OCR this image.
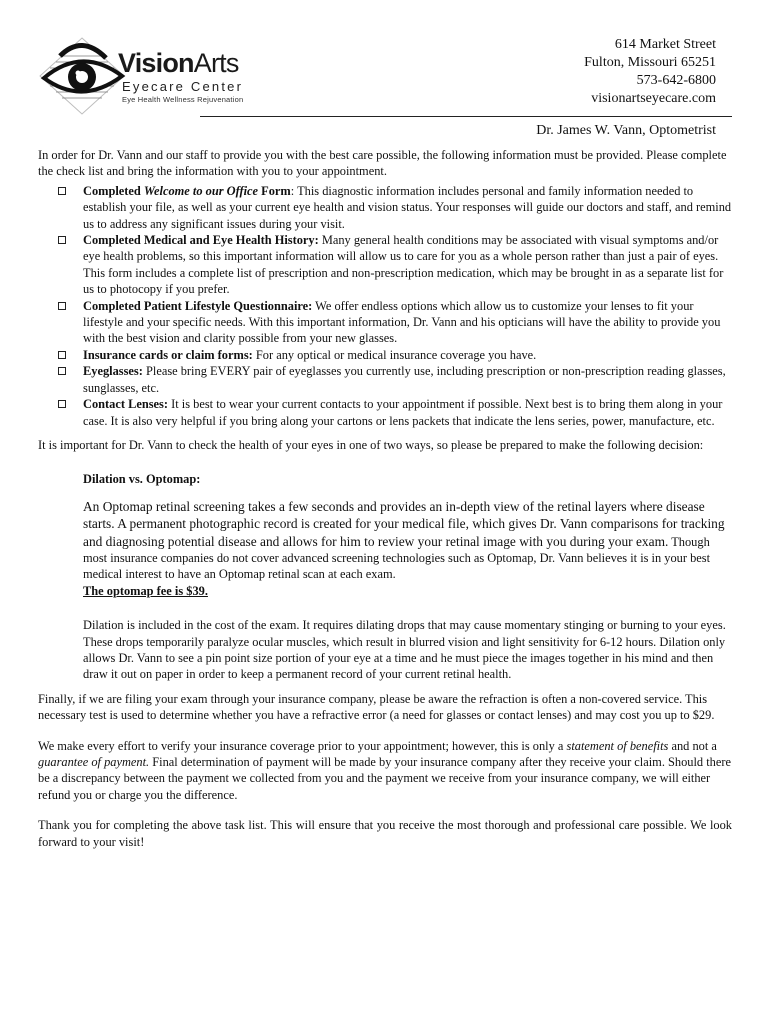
VisionArts
Eyecare Center
Eye Health Wellness Rejuvenation
614 Market Street
Fulton, Missouri 65251
573-642-6800
visionartseyecare.com
Dr. James W. Vann, Optometrist

In order for Dr. Vann and our staff to provide you with the best care possible, the following information must be provided. Please complete the check list and bring the information with you to your appointment.

Completed Welcome to our Office Form: This diagnostic information includes personal and family information needed to establish your file, as well as your current eye health and vision status. Your responses will guide our doctors and staff, and remind us to address any significant issues during your visit.
Completed Medical and Eye Health History: Many general health conditions may be associated with visual symptoms and/or eye health problems, so this important information will allow us to care for you as a whole person rather than just a pair of eyes. This form includes a complete list of prescription and non-prescription medication, which may be brought in as a separate list for us to photocopy if you prefer.
Completed Patient Lifestyle Questionnaire: We offer endless options which allow us to customize your lenses to fit your lifestyle and your specific needs. With this important information, Dr. Vann and his opticians will have the ability to provide you with the best vision and clarity possible from your new glasses.
Insurance cards or claim forms: For any optical or medical insurance coverage you have.
Eyeglasses: Please bring EVERY pair of eyeglasses you currently use, including prescription or non-prescription reading glasses, sunglasses, etc.
Contact Lenses: It is best to wear your current contacts to your appointment if possible. Next best is to bring them along in your case. It is also very helpful if you bring along your cartons or lens packets that indicate the lens series, power, manufacture, etc.

It is important for Dr. Vann to check the health of your eyes in one of two ways, so please be prepared to make the following decision:

Dilation vs. Optomap:

An Optomap retinal screening takes a few seconds and provides an in-depth view of the retinal layers where disease starts. A permanent photographic record is created for your medical file, which gives Dr. Vann comparisons for tracking and diagnosing potential disease and allows for him to review your retinal image with you during your exam. Though most insurance companies do not cover advanced screening technologies such as Optomap, Dr. Vann believes it is in your best medical interest to have an Optomap retinal scan at each exam.
The optomap fee is $39.

Dilation is included in the cost of the exam. It requires dilating drops that may cause momentary stinging or burning to your eyes. These drops temporarily paralyze ocular muscles, which result in blurred vision and light sensitivity for 6-12 hours. Dilation only allows Dr. Vann to see a pin point size portion of your eye at a time and he must piece the images together in his mind and then draw it out on paper in order to keep a permanent record of your current retinal health.

Finally, if we are filing your exam through your insurance company, please be aware the refraction is often a non-covered service. This necessary test is used to determine whether you have a refractive error (a need for glasses or contact lenses) and may cost you up to $29.

We make every effort to verify your insurance coverage prior to your appointment; however, this is only a statement of benefits and not a guarantee of payment. Final determination of payment will be made by your insurance company after they receive your claim. Should there be a discrepancy between the payment we collected from you and the payment we receive from your insurance company, we will either refund you or charge you the difference.

Thank you for completing the above task list. This will ensure that you receive the most thorough and professional care possible. We look forward to your visit!
